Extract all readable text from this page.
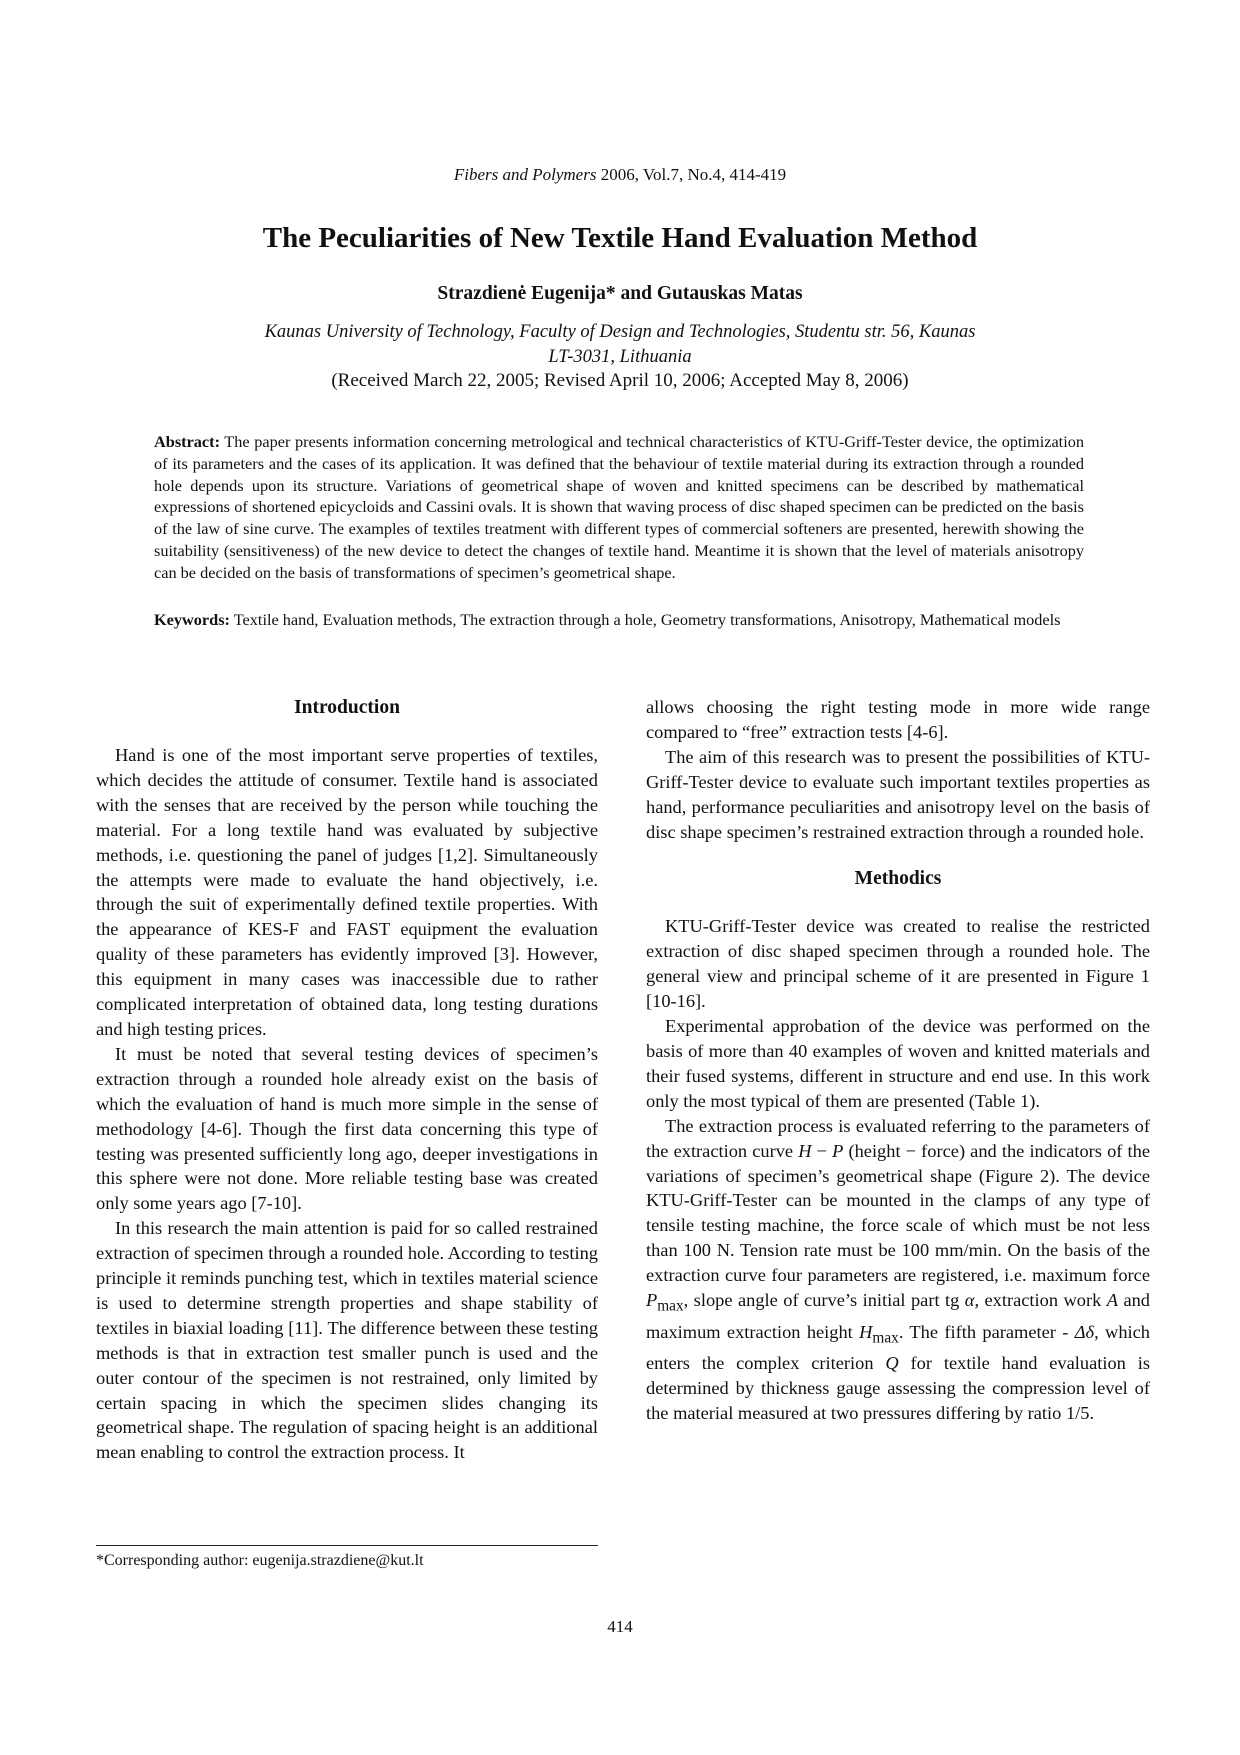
Fibers and Polymers 2006, Vol.7, No.4, 414-419
The Peculiarities of New Textile Hand Evaluation Method
Strazdienė Eugenija* and Gutauskas Matas
Kaunas University of Technology, Faculty of Design and Technologies, Studentu str. 56, Kaunas
LT-3031, Lithuania
(Received March 22, 2005; Revised April 10, 2006; Accepted May 8, 2006)
Abstract: The paper presents information concerning metrological and technical characteristics of KTU-Griff-Tester device, the optimization of its parameters and the cases of its application. It was defined that the behaviour of textile material during its extraction through a rounded hole depends upon its structure. Variations of geometrical shape of woven and knitted specimens can be described by mathematical expressions of shortened epicycloids and Cassini ovals. It is shown that waving process of disc shaped specimen can be predicted on the basis of the law of sine curve. The examples of textiles treatment with different types of commercial softeners are presented, herewith showing the suitability (sensitiveness) of the new device to detect the changes of textile hand. Meantime it is shown that the level of materials anisotropy can be decided on the basis of transformations of specimen’s geometrical shape.
Keywords: Textile hand, Evaluation methods, The extraction through a hole, Geometry transformations, Anisotropy, Mathematical models
Introduction

Hand is one of the most important serve properties of textiles, which decides the attitude of consumer. Textile hand is associated with the senses that are received by the person while touching the material. For a long textile hand was evaluated by subjective methods, i.e. questioning the panel of judges [1,2]. Simultaneously the attempts were made to evaluate the hand objectively, i.e. through the suit of experimentally defined textile properties. With the appearance of KES-F and FAST equipment the evaluation quality of these parameters has evidently improved [3]. However, this equipment in many cases was inaccessible due to rather complicated interpretation of obtained data, long testing durations and high testing prices.

It must be noted that several testing devices of specimen’s extraction through a rounded hole already exist on the basis of which the evaluation of hand is much more simple in the sense of methodology [4-6]. Though the first data concerning this type of testing was presented sufficiently long ago, deeper investigations in this sphere were not done. More reliable testing base was created only some years ago [7-10].

In this research the main attention is paid for so called restrained extraction of specimen through a rounded hole. According to testing principle it reminds punching test, which in textiles material science is used to determine strength properties and shape stability of textiles in biaxial loading [11]. The difference between these testing methods is that in extraction test smaller punch is used and the outer contour of the specimen is not restrained, only limited by certain spacing in which the specimen slides changing its geometrical shape. The regulation of spacing height is an additional mean enabling to control the extraction process. It

allows choosing the right testing mode in more wide range compared to “free” extraction tests [4-6].

The aim of this research was to present the possibilities of KTU-Griff-Tester device to evaluate such important textiles properties as hand, performance peculiarities and anisotropy level on the basis of disc shape specimen’s restrained extraction through a rounded hole.

Methodics

KTU-Griff-Tester device was created to realise the restricted extraction of disc shaped specimen through a rounded hole. The general view and principal scheme of it are presented in Figure 1 [10-16].

Experimental approbation of the device was performed on the basis of more than 40 examples of woven and knitted materials and their fused systems, different in structure and end use. In this work only the most typical of them are presented (Table 1).

The extraction process is evaluated referring to the parameters of the extraction curve H − P (height − force) and the indicators of the variations of specimen’s geometrical shape (Figure 2). The device KTU-Griff-Tester can be mounted in the clamps of any type of tensile testing machine, the force scale of which must be not less than 100 N. Tension rate must be 100 mm/min. On the basis of the extraction curve four parameters are registered, i.e. maximum force $P_{max}$, slope angle of curve’s initial part tg α, extraction work A and maximum extraction height $H_{max}$. The fifth parameter - Δδ, which enters the complex criterion Q for textile hand evaluation is determined by thickness gauge assessing the compression level of the material measured at two pressures differing by ratio 1/5.

*Corresponding author: eugenija.strazdiene@kut.lt
414
